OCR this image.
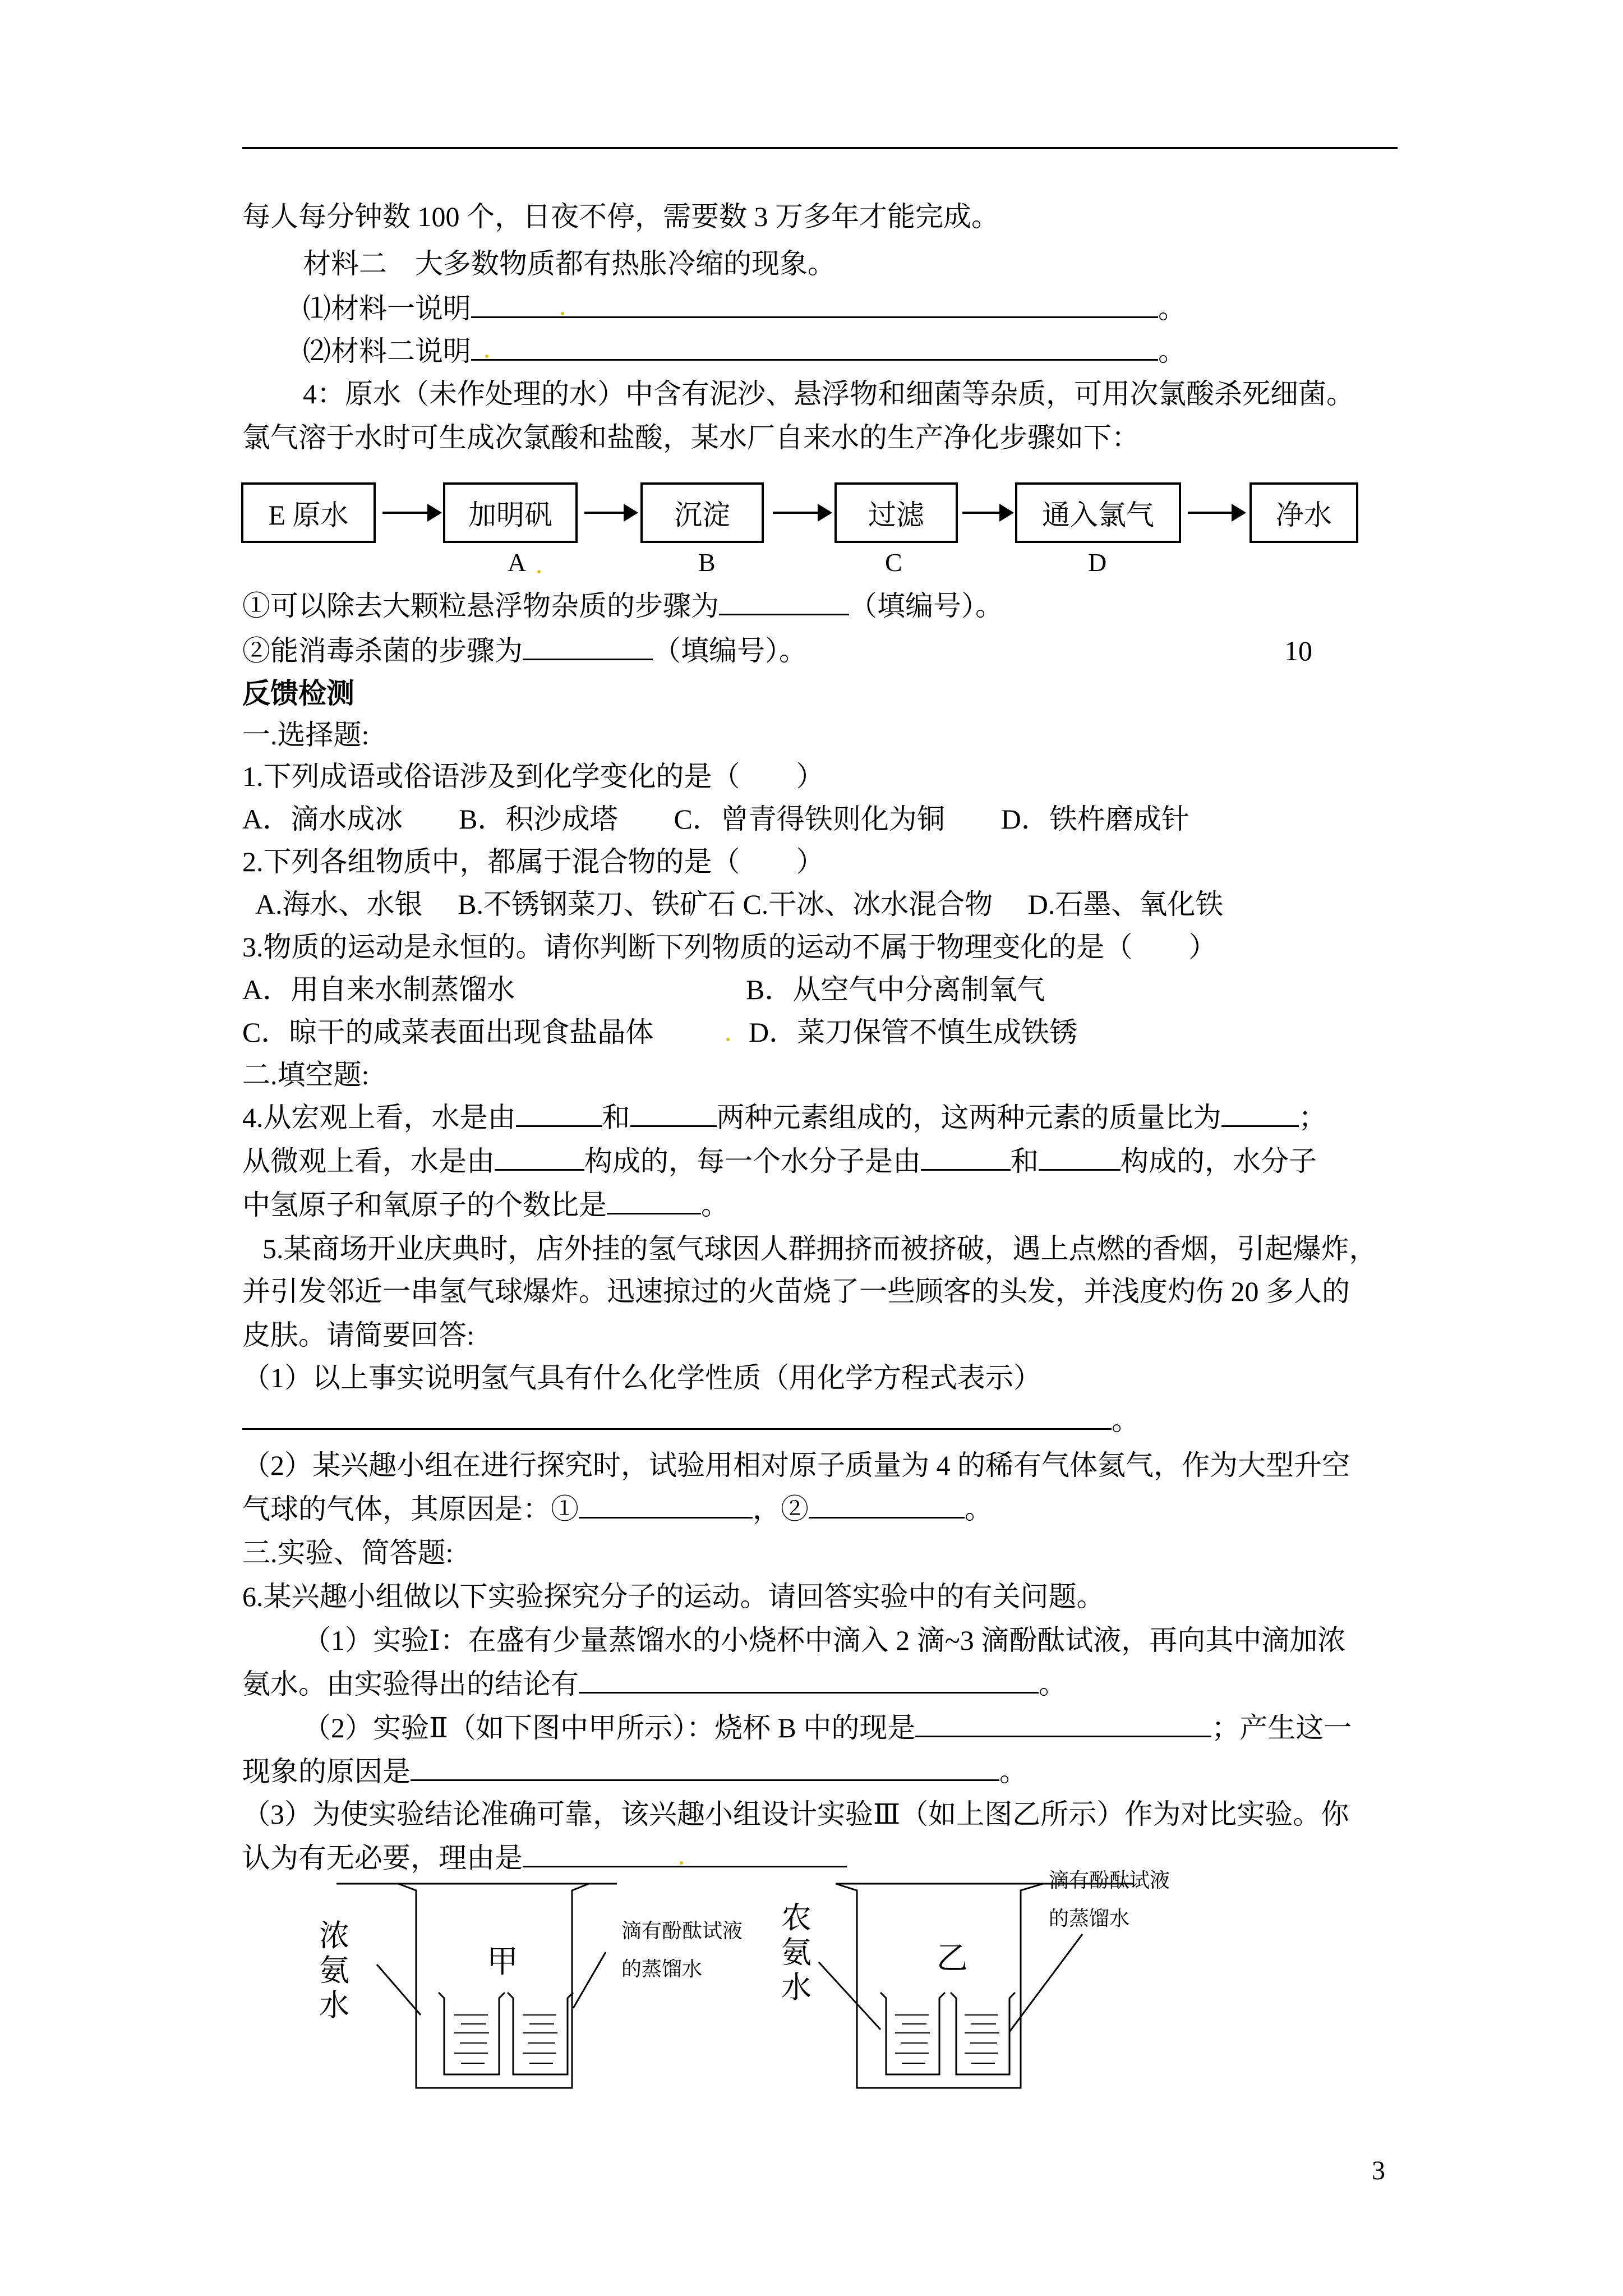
每人每分钟数 100 个，日夜不停，需要数 3 万多年才能完成。
材料二　大多数物质都有热胀冷缩的现象。
⑴材料一说明	。
⑵材料二说明	。
4：原水（未作处理的水）中含有泥沙、悬浮物和细菌等杂质，可用次氯酸杀死细菌。
氯气溶于水时可生成次氯酸和盐酸，某水厂自来水的生产净化步骤如下：
E 原水	加明矾	沉淀	过滤	通入氯气	净水
A	B	C	D
①可以除去大颗粒悬浮物杂质的步骤为	（填编号）。
②能消毒杀菌的步骤为	（填编号）。	10
反馈检测
一.选择题:
1.下列成语或俗语涉及到化学变化的是（　　）
A．滴水成冰　　B．积沙成塔　　C．曾青得铁则化为铜　　D．铁杵磨成针
2.下列各组物质中，都属于混合物的是（　　）
A.海水、水银　 B.不锈钢菜刀、铁矿石 C.干冰、冰水混合物　 D.石墨、氧化铁
3.物质的运动是永恒的。请你判断下列物质的运动不属于物理变化的是（　　）
A．用自来水制蒸馏水	B．从空气中分离制氧气
C．晾干的咸菜表面出现食盐晶体	D．菜刀保管不慎生成铁锈
二.填空题:
4.从宏观上看，水是由	和	两种元素组成的，这两种元素的质量比为	；
从微观上看，水是由	构成的，每一个水分子是由	和	构成的，水分子
中氢原子和氧原子的个数比是	。
5.某商场开业庆典时，店外挂的氢气球因人群拥挤而被挤破，遇上点燃的香烟，引起爆炸，
并引发邻近一串氢气球爆炸。迅速掠过的火苗烧了一些顾客的头发，并浅度灼伤 20 多人的
皮肤。请简要回答:
（1）以上事实说明氢气具有什么化学性质（用化学方程式表示）
。
（2）某兴趣小组在进行探究时，试验用相对原子质量为 4 的稀有气体氦气，作为大型升空
气球的气体，其原因是：①	，②	。
三.实验、简答题:
6.某兴趣小组做以下实验探究分子的运动。请回答实验中的有关问题。
（1）实验Ⅰ：在盛有少量蒸馏水的小烧杯中滴入 2 滴~3 滴酚酞试液，再向其中滴加浓
氨水。由实验得出的结论有	。
（2）实验Ⅱ（如下图中甲所示）：烧杯 B 中的现是	；产生这一
现象的原因是	。
（3）为使实验结论准确可靠，该兴趣小组设计实验Ⅲ（如上图乙所示）作为对比实验。你
认为有无必要，理由是
甲	乙
浓
氨
水
农
氨
水
滴有酚酞试液
的蒸馏水
滴有酚酞试液
的蒸馏水
3
